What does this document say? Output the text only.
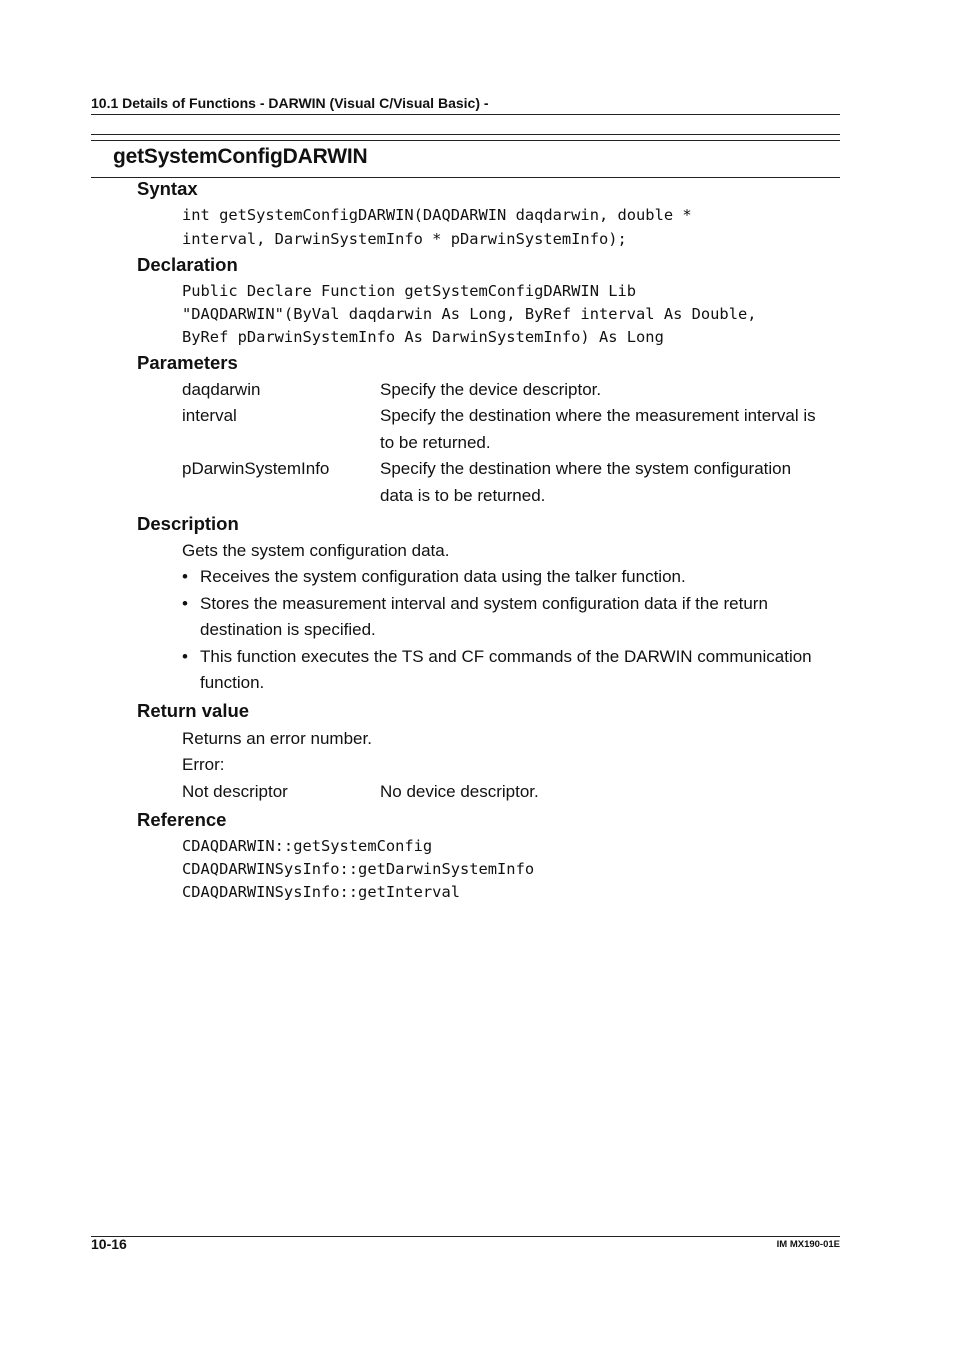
10.1 Details of Functions - DARWIN (Visual C/Visual Basic) -
getSystemConfigDARWIN
Syntax
int getSystemConfigDARWIN(DAQDARWIN daqdarwin, double *
interval, DarwinSystemInfo * pDarwinSystemInfo);
Declaration
Public Declare Function getSystemConfigDARWIN Lib
"DAQDARWIN"(ByVal daqdarwin As Long, ByRef interval As Double,
ByRef pDarwinSystemInfo As DarwinSystemInfo) As Long
Parameters
daqdarwin	Specify the device descriptor.
interval	Specify the destination where the measurement interval is
to be returned.
pDarwinSystemInfo	Specify the destination where the system configuration
data is to be returned.
Description
Gets the system configuration data.
• Receives the system configuration data using the talker function.
• Stores the measurement interval and system configuration data if the return
destination is specified.
• This function executes the TS and CF commands of the DARWIN communication
function.
Return value
Returns an error number.
Error:
Not descriptor	No device descriptor.
Reference
CDAQDARWIN::getSystemConfig
CDAQDARWINSysInfo::getDarwinSystemInfo
CDAQDARWINSysInfo::getInterval
10-16	IM MX190-01E
